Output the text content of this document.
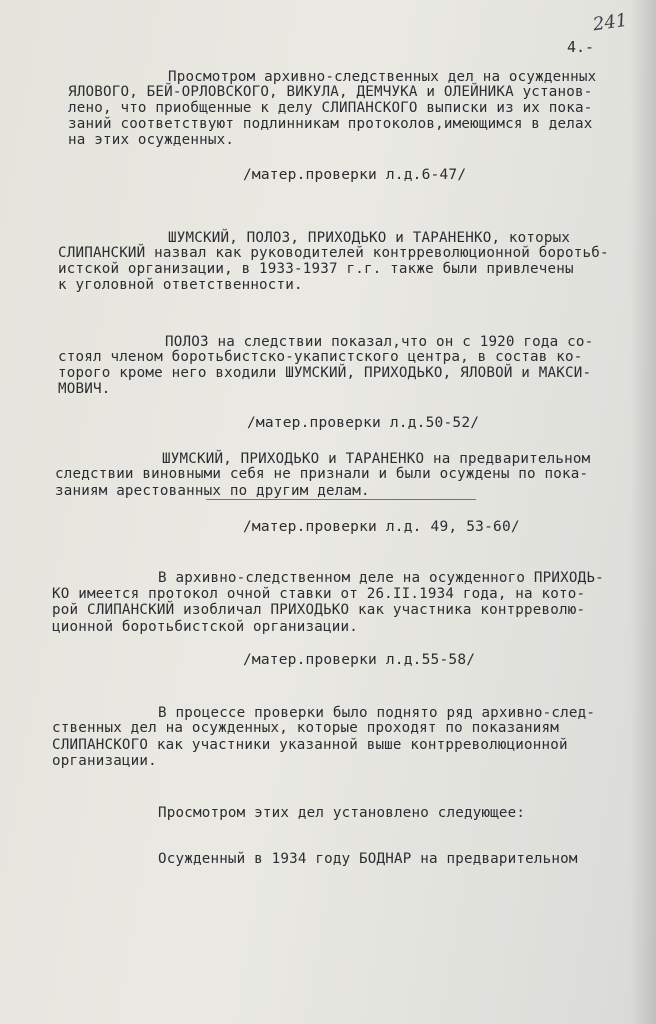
241
4.-
Просмотром архивно-следственных дел на осужденных
ЯЛОВОГО, БЕЙ-ОРЛОВСКОГО, ВИКУЛА, ДЕМЧУКА и ОЛЕЙНИКА установ-
лено, что приобщенные к делу СЛИПАНСКОГО выписки из их пока-
заний соответствуют подлинникам протоколов,имеющимся в делах
на этих осужденных.
/матер.проверки л.д.6-47/
ШУМСКИЙ, ПОЛОЗ, ПРИХОДЬКО и ТАРАНЕНКО, которых
СЛИПАНСКИЙ назвал как руководителей контрреволюционной боротьб-
истской организации, в 1933-1937 г.г. также были привлечены
к уголовной ответственности.
ПОЛОЗ на следствии показал,что он с 1920 года со-
стоял членом боротьбистско-укапистского центра, в состав ко-
торого кроме него входили ШУМСКИЙ, ПРИХОДЬКО, ЯЛОВОЙ и МАКСИ-
МОВИЧ.
/матер.проверки л.д.50-52/
ШУМСКИЙ, ПРИХОДЬКО и ТАРАНЕНКО на предварительном
следствии виновными себя не признали и были осуждены по пока-
заниям арестованных по другим делам.
/матер.проверки л.д. 49, 53-60/
В архивно-следственном деле на осужденного ПРИХОДЬ-
КО имеется протокол очной ставки от 26.II.1934 года, на кото-
рой СЛИПАНСКИЙ изобличал ПРИХОДЬКО как участника контрреволю-
ционной боротьбистской организации.
/матер.проверки л.д.55-58/
В процессе проверки было поднято ряд архивно-след-
ственных дел на осужденных, которые проходят по показаниям
СЛИПАНСКОГО как участники указанной выше контрреволюционной
организации.
Просмотром этих дел установлено следующее:
Осужденный в 1934 году БОДНАР на предварительном
